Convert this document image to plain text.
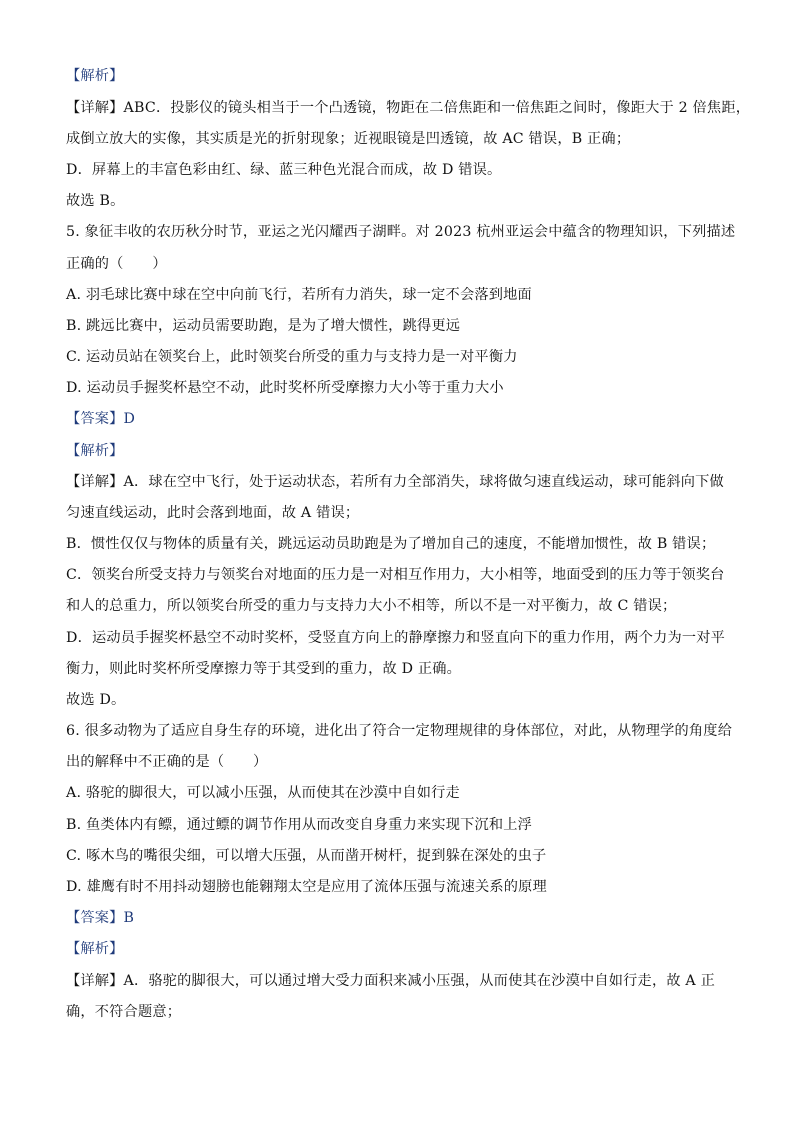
【解析】
【详解】ABC．投影仪的镜头相当于一个凸透镜，物距在二倍焦距和一倍焦距之间时，像距大于 2 倍焦距，
成倒立放大的实像，其实质是光的折射现象；近视眼镜是凹透镜，故 AC 错误，B 正确；
D．屏幕上的丰富色彩由红、绿、蓝三种色光混合而成，故 D 错误。
故选 B。
5. 象征丰收的农历秋分时节，亚运之光闪耀西子湖畔。对 2023 杭州亚运会中蕴含的物理知识，下列描述
正确的（　　）
A. 羽毛球比赛中球在空中向前飞行，若所有力消失，球一定不会落到地面
B. 跳远比赛中，运动员需要助跑，是为了增大惯性，跳得更远
C. 运动员站在领奖台上，此时领奖台所受的重力与支持力是一对平衡力
D. 运动员手握奖杯悬空不动，此时奖杯所受摩擦力大小等于重力大小
【答案】D
【解析】
【详解】A．球在空中飞行，处于运动状态，若所有力全部消失，球将做匀速直线运动，球可能斜向下做
匀速直线运动，此时会落到地面，故 A 错误；
B．惯性仅仅与物体的质量有关，跳远运动员助跑是为了增加自己的速度，不能增加惯性，故 B 错误；
C．领奖台所受支持力与领奖台对地面的压力是一对相互作用力，大小相等，地面受到的压力等于领奖台
和人的总重力，所以领奖台所受的重力与支持力大小不相等，所以不是一对平衡力，故 C 错误；
D．运动员手握奖杯悬空不动时奖杯，受竖直方向上的静摩擦力和竖直向下的重力作用，两个力为一对平
衡力，则此时奖杯所受摩擦力等于其受到的重力，故 D 正确。
故选 D。
6. 很多动物为了适应自身生存的环境，进化出了符合一定物理规律的身体部位，对此，从物理学的角度给
出的解释中不正确的是（　　）
A. 骆驼的脚很大，可以减小压强，从而使其在沙漠中自如行走
B. 鱼类体内有鳔，通过鳔的调节作用从而改变自身重力来实现下沉和上浮
C. 啄木鸟的嘴很尖细，可以增大压强，从而凿开树杆，捉到躲在深处的虫子
D. 雄鹰有时不用抖动翅膀也能翱翔太空是应用了流体压强与流速关系的原理
【答案】B
【解析】
【详解】A．骆驼的脚很大，可以通过增大受力面积来减小压强，从而使其在沙漠中自如行走，故 A 正
确，不符合题意；
